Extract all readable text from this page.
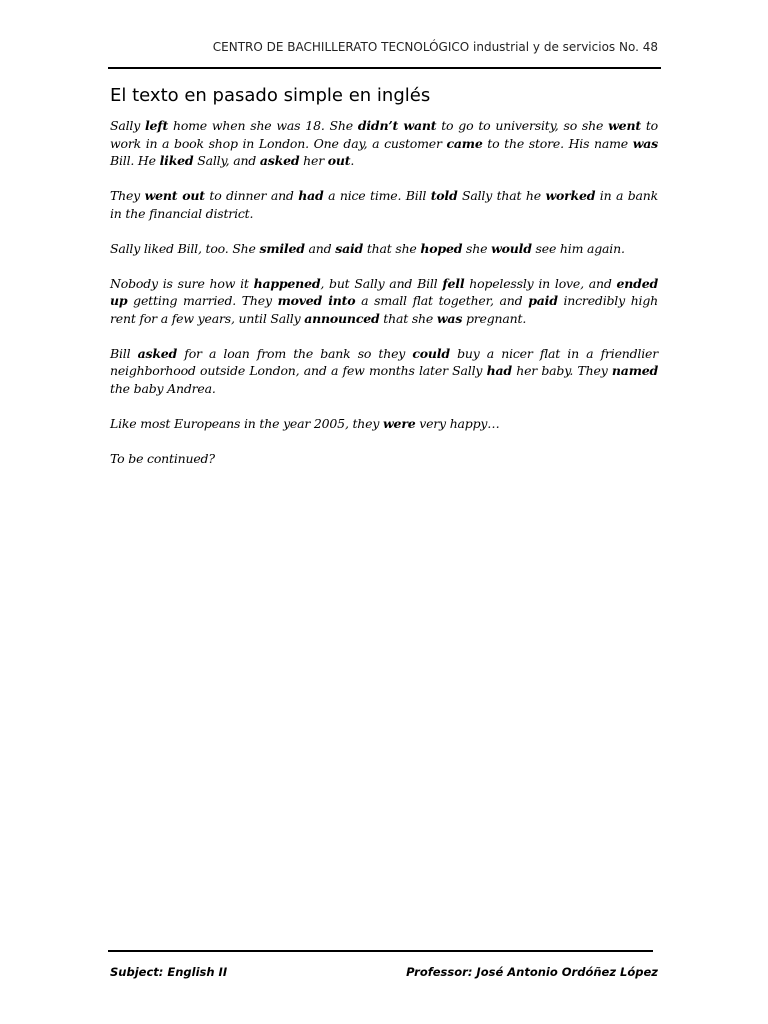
CENTRO DE BACHILLERATO TECNOLÓGICO industrial y de servicios No. 48
El texto en pasado simple en inglés

Sally left home when she was 18. She didn’t want to go to university, so she went to work in a book shop in London. One day, a customer came to the store. His name was Bill. He liked Sally, and asked her out.

They went out to dinner and had a nice time. Bill told Sally that he worked in a bank in the financial district.

Sally liked Bill, too. She smiled and said that she hoped she would see him again.

Nobody is sure how it happened, but Sally and Bill fell hopelessly in love, and ended up getting married. They moved into a small flat together, and paid incredibly high rent for a few years, until Sally announced that she was pregnant.

Bill asked for a loan from the bank so they could buy a nicer flat in a friendlier neighborhood outside London, and a few months later Sally had her baby. They named the baby Andrea.

Like most Europeans in the year 2005, they were very happy…

To be continued?

Subject: English II	Professor: José Antonio Ordóñez López
